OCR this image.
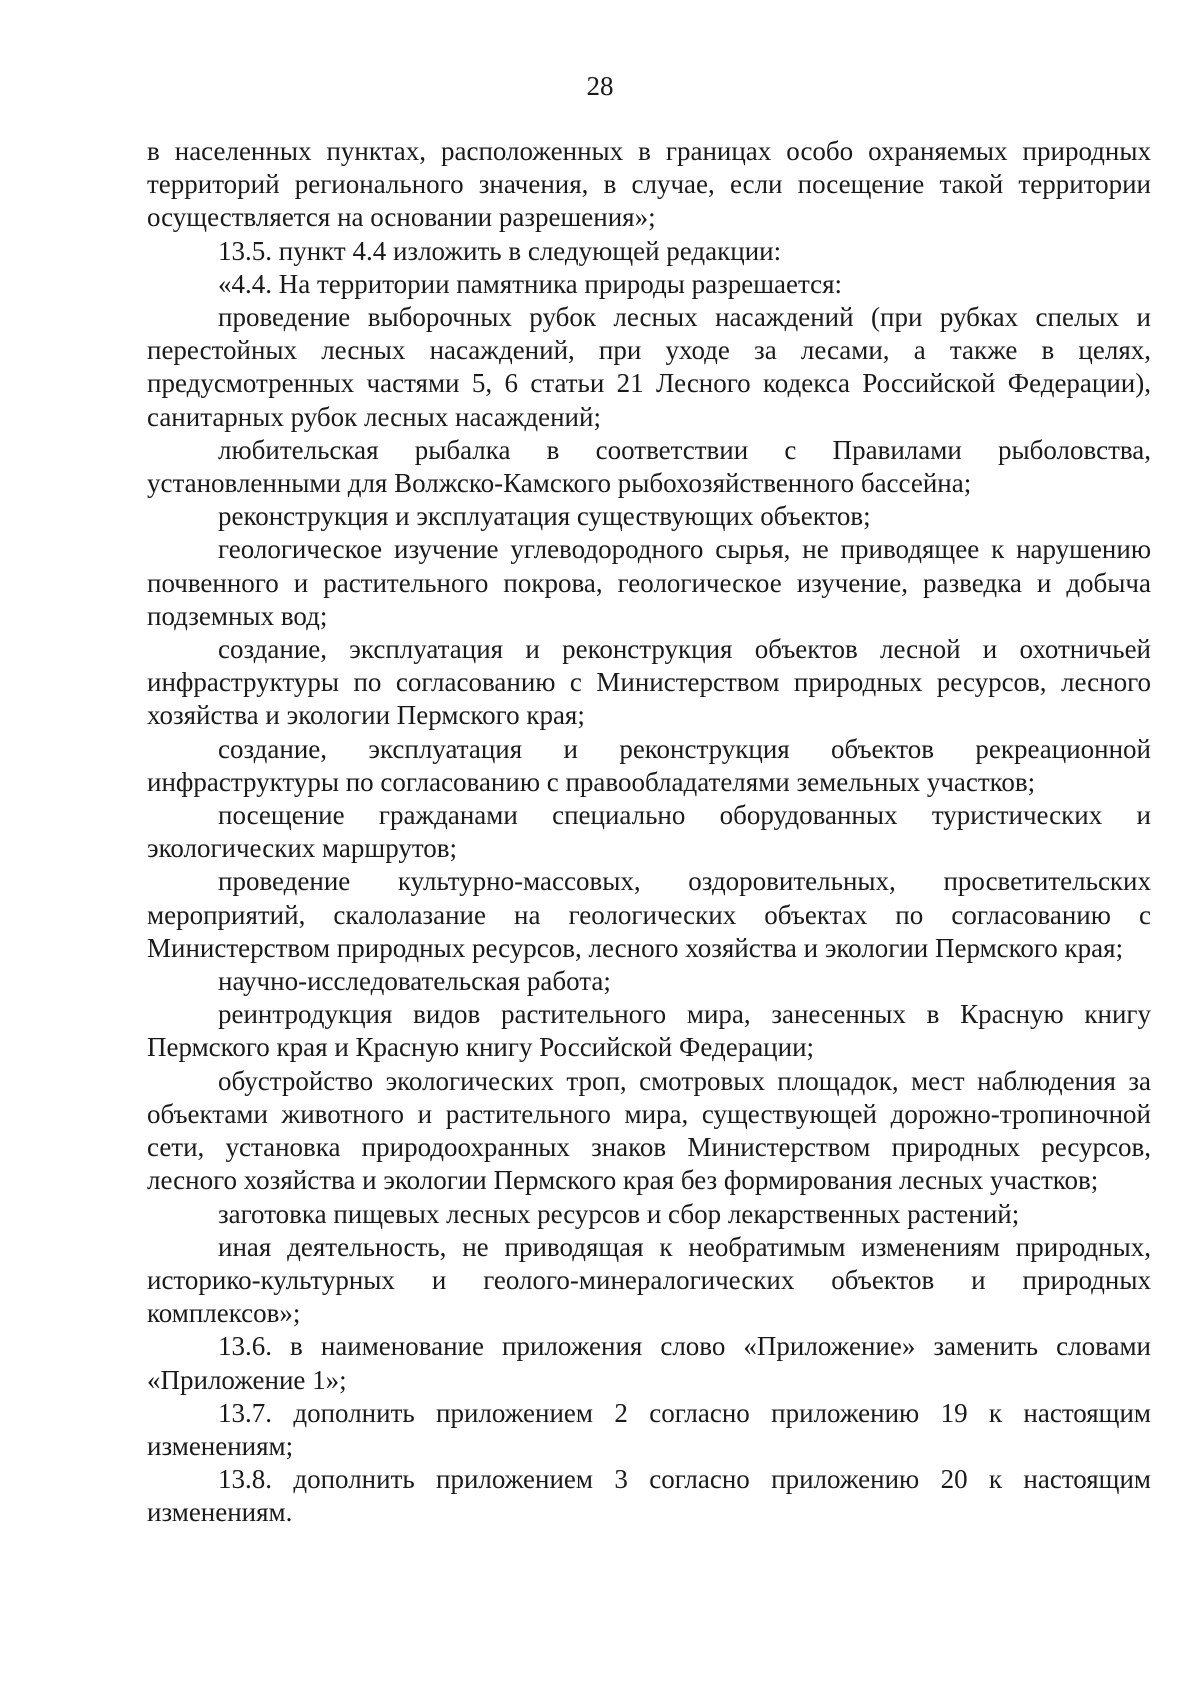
28

в населенных пунктах, расположенных в границах особо охраняемых природных территорий регионального значения, в случае, если посещение такой территории осуществляется на основании разрешения»;

13.5. пункт 4.4 изложить в следующей редакции:

«4.4. На территории памятника природы разрешается:

проведение выборочных рубок лесных насаждений (при рубках спелых и перестойных лесных насаждений, при уходе за лесами, а также в целях, предусмотренных частями 5, 6 статьи 21 Лесного кодекса Российской Федерации), санитарных рубок лесных насаждений;

любительская рыбалка в соответствии с Правилами рыболовства, установленными для Волжско-Камского рыбохозяйственного бассейна;

реконструкция и эксплуатация существующих объектов;

геологическое изучение углеводородного сырья, не приводящее к нарушению почвенного и растительного покрова, геологическое изучение, разведка и добыча подземных вод;

создание, эксплуатация и реконструкция объектов лесной и охотничьей инфраструктуры по согласованию с Министерством природных ресурсов, лесного хозяйства и экологии Пермского края;

создание, эксплуатация и реконструкция объектов рекреационной инфраструктуры по согласованию с правообладателями земельных участков;

посещение гражданами специально оборудованных туристических и экологических маршрутов;

проведение культурно-массовых, оздоровительных, просветительских мероприятий, скалолазание на геологических объектах по согласованию с Министерством природных ресурсов, лесного хозяйства и экологии Пермского края;

научно-исследовательская работа;

реинтродукция видов растительного мира, занесенных в Красную книгу Пермского края и Красную книгу Российской Федерации;

обустройство экологических троп, смотровых площадок, мест наблюдения за объектами животного и растительного мира, существующей дорожно-тропиночной сети, установка природоохранных знаков Министерством природных ресурсов, лесного хозяйства и экологии Пермского края без формирования лесных участков;

заготовка пищевых лесных ресурсов и сбор лекарственных растений;

иная деятельность, не приводящая к необратимым изменениям природных, историко-культурных и геолого-минералогических объектов и природных комплексов»;

13.6. в наименование приложения слово «Приложение» заменить словами «Приложение 1»;

13.7. дополнить приложением 2 согласно приложению 19 к настоящим изменениям;

13.8. дополнить приложением 3 согласно приложению 20 к настоящим изменениям.
